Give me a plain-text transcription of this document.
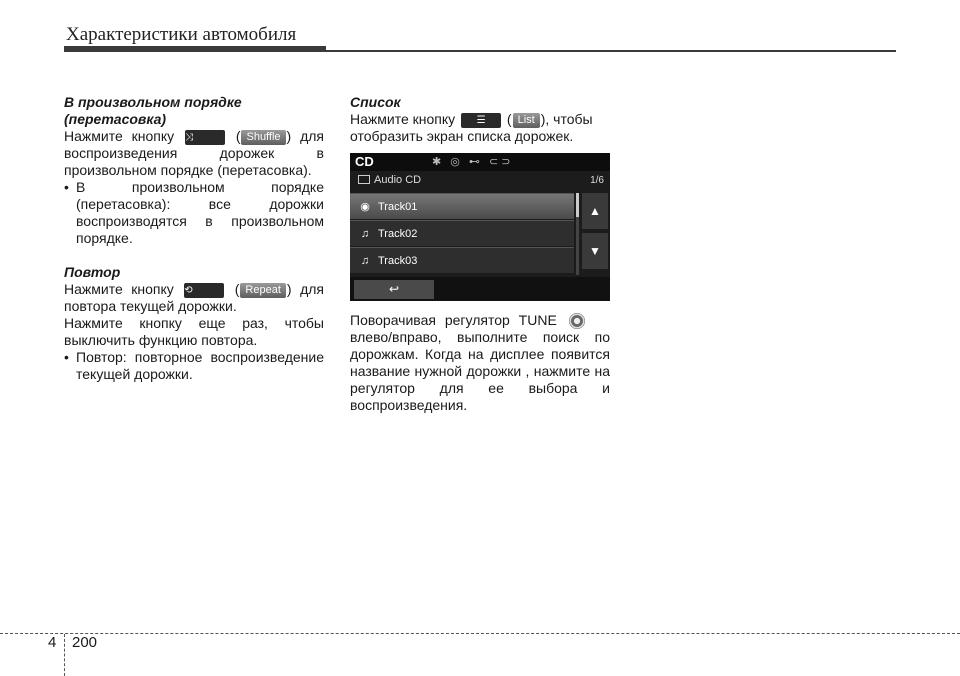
Характеристики автомобиля
В произвольном порядке (перетасовка)

Нажмите кнопку ⤨ ( Shuffle ) для

воспроизведения дорожек в

произвольном порядке (перетасовка).

• В произвольном порядке (перетасовка): все дорожки воспроизводятся в произвольном порядке.
Повтор

Нажмите кнопку ⟲ ( Repeat ) для

повтора текущей дорожки.

Нажмите кнопку еще раз, чтобы

выключить функцию повтора.

• Повтор: повторное воспроизведение текущей дорожки.
Список

Нажмите кнопку ☰ ( List ), чтобы

отобразить экран списка дорожек.

CD	✱ ◎ ⊷ ⊂⊃
Audio CD	1/6
◉ Track01
♫ Track02
♫ Track03
▲
▼
↩

Поворачивая регулятор TUNE

влево/вправо, выполните поиск по дорожкам. Когда на дисплее появится название нужной дорожки , нажмите на регулятор для ее выбора и воспроизведения.

4 200
